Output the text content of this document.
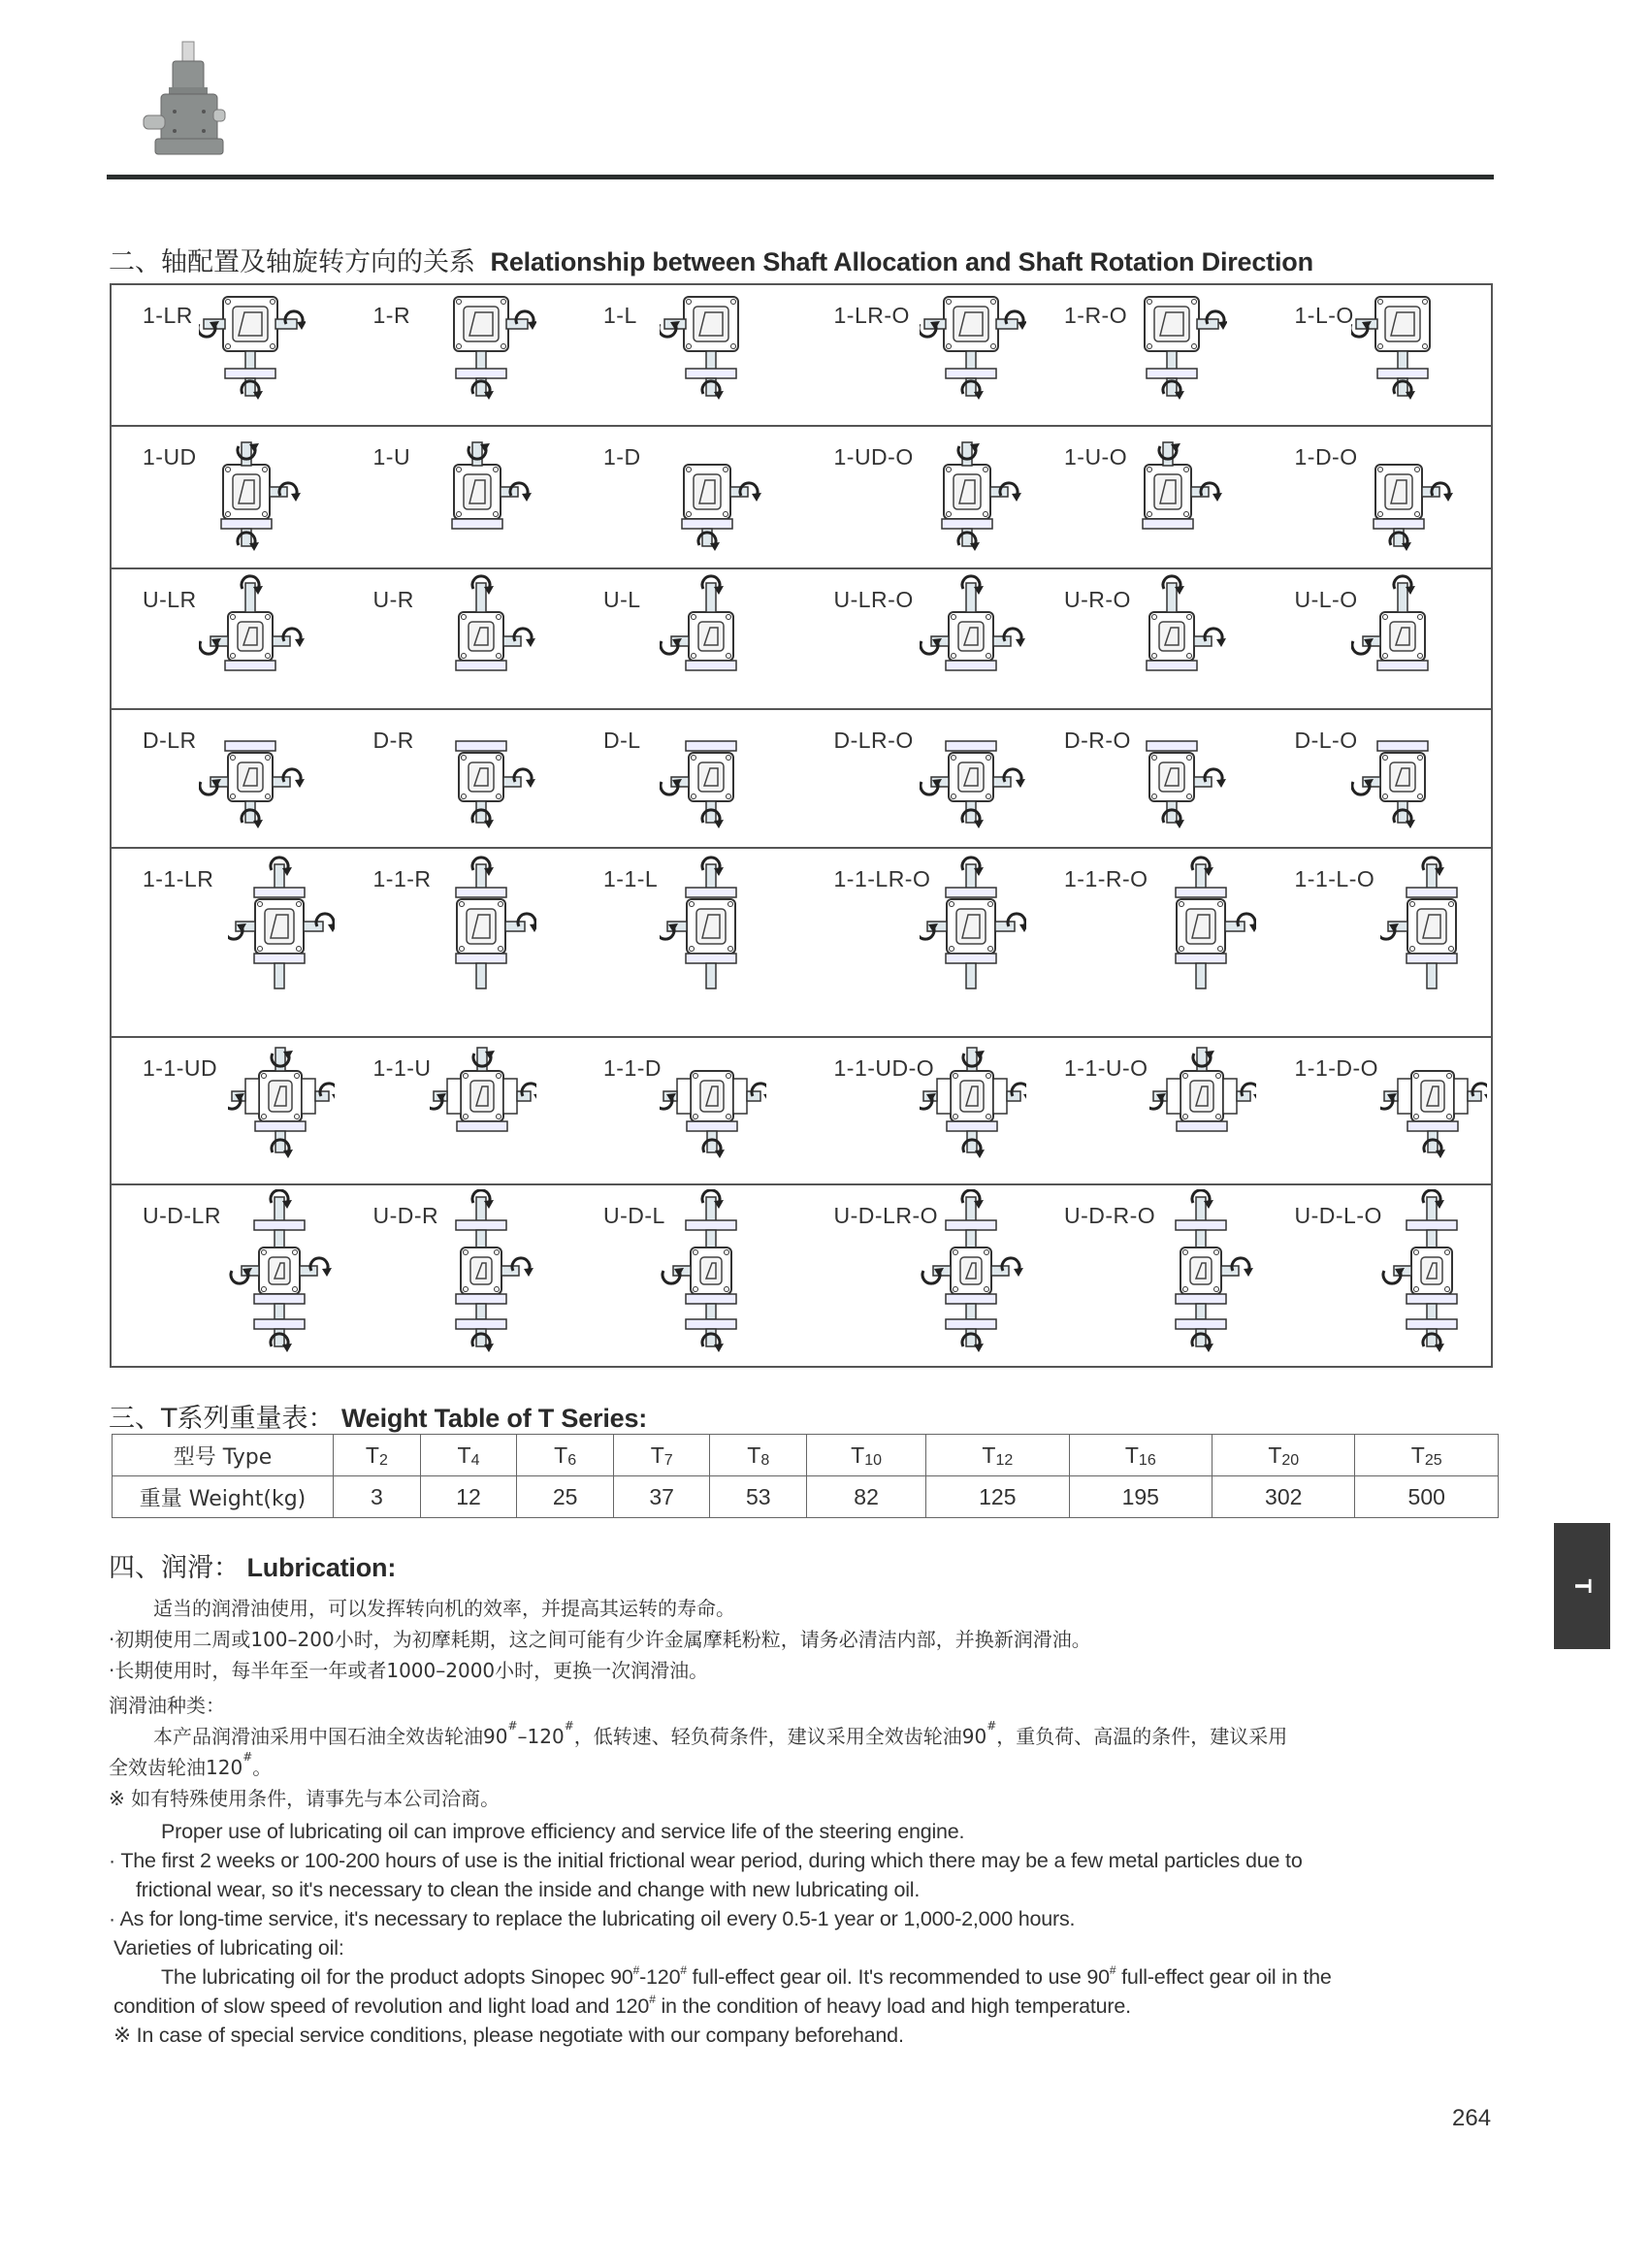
二、轴配置及轴旋转方向的关系 Relationship between Shaft Allocation and Shaft Rotation Direction
1-LR	1-R	1-L	1-LR-O	1-R-O	1-L-O
1-UD	1-U	1-D	1-UD-O	1-U-O	1-D-O
U-LR	U-R	U-L	U-LR-O	U-R-O	U-L-O
D-LR	D-R	D-L	D-LR-O	D-R-O	D-L-O
1-1-LR	1-1-R	1-1-L	1-1-LR-O	1-1-R-O	1-1-L-O
1-1-UD	1-1-U	1-1-D	1-1-UD-O	1-1-U-O	1-1-D-O
U-D-LR	U-D-R	U-D-L	U-D-LR-O	U-D-R-O	U-D-L-O
三、T系列重量表： Weight Table of T Series:
型号 Type	$T_2$	$T_4$	$T_6$	$T_7$	$T_8$	$T_{10}$	$T_{12}$	$T_{16}$	$T_{20}$	$T_{25}$
重量 Weight(kg)	3	12	25	37	53	82	125	195	302	500
四、润滑： Lubrication:
适当的润滑油使用，可以发挥转向机的效率，并提高其运转的寿命。
·初期使用二周或100–200小时，为初摩耗期，这之间可能有少许金属摩耗粉粒，请务必清洁内部，并换新润滑油。
·长期使用时，每半年至一年或者1000–2000小时，更换一次润滑油。
润滑油种类：
本产品润滑油采用中国石油全效齿轮油90#–120#，低转速、轻负荷条件，建议采用全效齿轮油90#，重负荷、高温的条件，建议采用
全效齿轮油120#。
※ 如有特殊使用条件，请事先与本公司洽商。
Proper use of lubricating oil can improve efficiency and service life of the steering engine.
· The first 2 weeks or 100-200 hours of use is the initial frictional wear period, during which there may be a few metal particles due to
frictional wear, so it's necessary to clean the inside and change with new lubricating oil.
· As for long-time service, it's necessary to replace the lubricating oil every 0.5-1 year or 1,000-2,000 hours.
Varieties of lubricating oil:
The lubricating oil for the product adopts Sinopec 90#-120# full-effect gear oil. It's recommended to use 90# full-effect gear oil in the
condition of slow speed of revolution and light load and 120# in the condition of heavy load and high temperature.
※ In case of special service conditions, please negotiate with our company beforehand.
T
264
